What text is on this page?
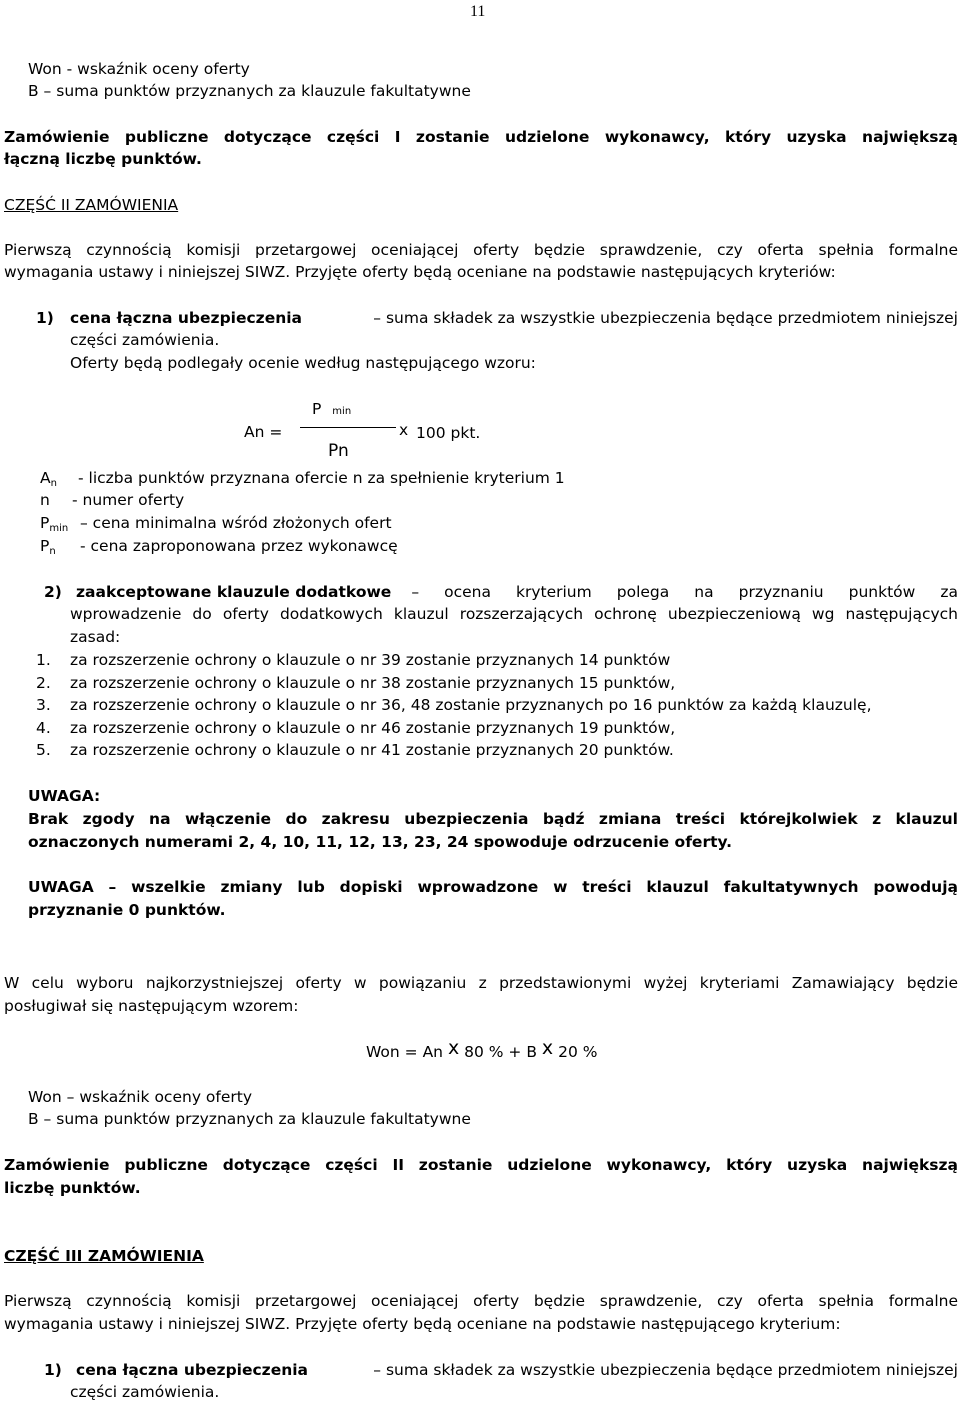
11
Won - wskaźnik oceny oferty
B – suma punktów przyznanych za klauzule fakultatywne
Zamówienie publiczne dotyczące części I zostanie udzielone wykonawcy, który uzyska największą
łączną liczbę punktów.
CZĘŚĆ II ZAMÓWIENIA
Pierwszą czynnością komisji przetargowej oceniającej oferty będzie sprawdzenie, czy oferta spełnia formalne
wymagania ustawy i niniejszej SIWZ. Przyjęte oferty będą oceniane na podstawie następujących kryteriów:
1) cena łączna ubezpieczenia	– suma składek za wszystkie ubezpieczenia będące przedmiotem niniejszej
części zamówienia.
Oferty będą podlegały ocenie według następującego wzoru:
P min
An =	x 100 pkt.
Pn
An - liczba punktów przyznana ofercie n za spełnienie kryterium 1
n - numer oferty
Pmin – cena minimalna wśród złożonych ofert
Pn - cena zaproponowana przez wykonawcę
2) zaakceptowane klauzule dodatkowe – ocena kryterium polega na przyznaniu punktów za
wprowadzenie do oferty dodatkowych klauzul rozszerzających ochronę ubezpieczeniową wg następujących
zasad:
1. za rozszerzenie ochrony o klauzule o nr 39 zostanie przyznanych 14 punktów
2. za rozszerzenie ochrony o klauzule o nr 38 zostanie przyznanych 15 punktów,
3. za rozszerzenie ochrony o klauzule o nr 36, 48 zostanie przyznanych po 16 punktów za każdą klauzulę,
4. za rozszerzenie ochrony o klauzule o nr 46 zostanie przyznanych 19 punktów,
5. za rozszerzenie ochrony o klauzule o nr 41 zostanie przyznanych 20 punktów.
UWAGA:
Brak zgody na włączenie do zakresu ubezpieczenia bądź zmiana treści którejkolwiek z klauzul
oznaczonych numerami 2, 4, 10, 11, 12, 13, 23, 24 spowoduje odrzucenie oferty.
UWAGA – wszelkie zmiany lub dopiski wprowadzone w treści klauzul fakultatywnych powodują
przyznanie 0 punktów.
W celu wyboru najkorzystniejszej oferty w powiązaniu z przedstawionymi wyżej kryteriami Zamawiający będzie
posługiwał się następującym wzorem:
Won = An x 80 % + B x 20 %
Won – wskaźnik oceny oferty
B – suma punktów przyznanych za klauzule fakultatywne
Zamówienie publiczne dotyczące części II zostanie udzielone wykonawcy, który uzyska największą
liczbę punktów.
CZĘŚĆ III ZAMÓWIENIA
Pierwszą czynnością komisji przetargowej oceniającej oferty będzie sprawdzenie, czy oferta spełnia formalne
wymagania ustawy i niniejszej SIWZ. Przyjęte oferty będą oceniane na podstawie następującego kryterium:
1) cena łączna ubezpieczenia	– suma składek za wszystkie ubezpieczenia będące przedmiotem niniejszej
części zamówienia.
